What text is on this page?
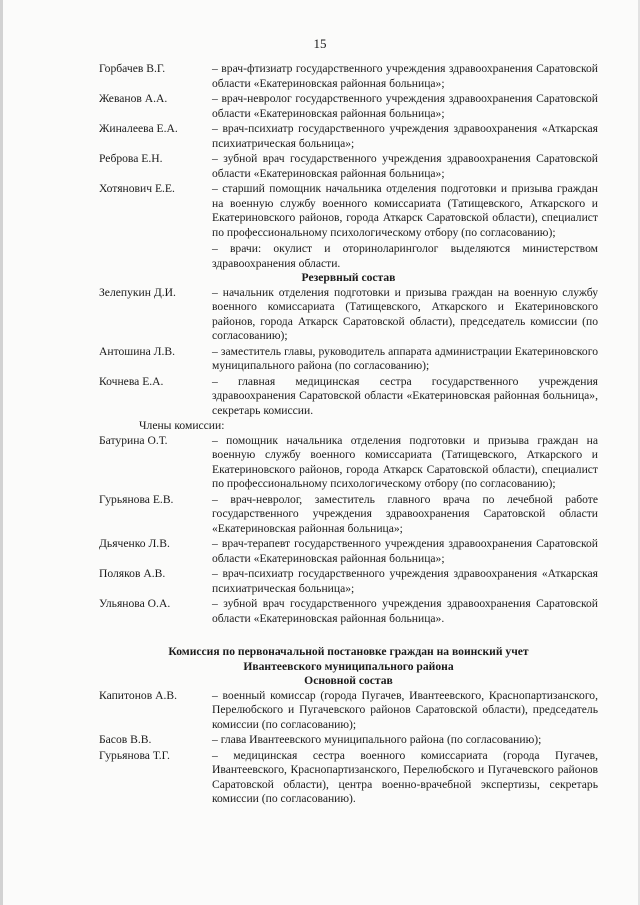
15
Горбачев В.Г.	– врач-фтизиатр государственного учреждения здравоохранения Саратовской области «Екатериновская районная больница»;
Жеванов А.А.	– врач-невролог государственного учреждения здравоохранения Саратовской области «Екатериновская районная больница»;
Жиналеева Е.А.	– врач-психиатр государственного учреждения здравоохранения «Аткарская психиатрическая больница»;
Реброва Е.Н.	– зубной врач государственного учреждения здравоохранения Саратовской области «Екатериновская районная больница»;
Хотянович Е.Е.	– старший помощник начальника отделения подготовки и призыва граждан на военную службу военного комиссариата (Татищевского, Аткарского и Екатериновского районов, города Аткарск Саратовской области), специалист по профессиональному психологическому отбору (по согласованию);
– врачи: окулист и оториноларинголог выделяются министерством здравоохранения области.
Резервный состав
Зелепукин Д.И.	– начальник отделения подготовки и призыва граждан на военную службу военного комиссариата (Татищевского, Аткарского и Екатериновского районов, города Аткарск Саратовской области), председатель комиссии (по согласованию);
Антошина Л.В.	– заместитель главы, руководитель аппарата администрации Екатериновского муниципального района (по согласованию);
Кочнева Е.А.	– главная медицинская сестра государственного учреждения здравоохранения Саратовской области «Екатериновская районная больница», секретарь комиссии.
Члены комиссии:
Батурина О.Т.	– помощник начальника отделения подготовки и призыва граждан на военную службу военного комиссариата (Татищевского, Аткарского и Екатериновского районов, города Аткарск Саратовской области), специалист по профессиональному психологическому отбору (по согласованию);
Гурьянова Е.В.	– врач-невролог, заместитель главного врача по лечебной работе государственного учреждения здравоохранения Саратовской области «Екатериновская районная больница»;
Дьяченко Л.В.	– врач-терапевт государственного учреждения здравоохранения Саратовской области «Екатериновская районная больница»;
Поляков А.В.	– врач-психиатр государственного учреждения здравоохранения «Аткарская психиатрическая больница»;
Ульянова О.А.	– зубной врач государственного учреждения здравоохранения Саратовской области «Екатериновская районная больница».
Комиссия по первоначальной постановке граждан на воинский учет
Ивантеевского муниципального района
Основной состав
Капитонов А.В.	– военный комиссар (города Пугачев, Ивантеевского, Краснопартизанского, Перелюбского и Пугачевского районов Саратовской области), председатель комиссии (по согласованию);
Басов В.В.	– глава Ивантеевского муниципального района (по согласованию);
Гурьянова Т.Г.	– медицинская сестра военного комиссариата (города Пугачев, Ивантеевского, Краснопартизанского, Перелюбского и Пугачевского районов Саратовской области), центра военно-врачебной экспертизы, секретарь комиссии (по согласованию).
